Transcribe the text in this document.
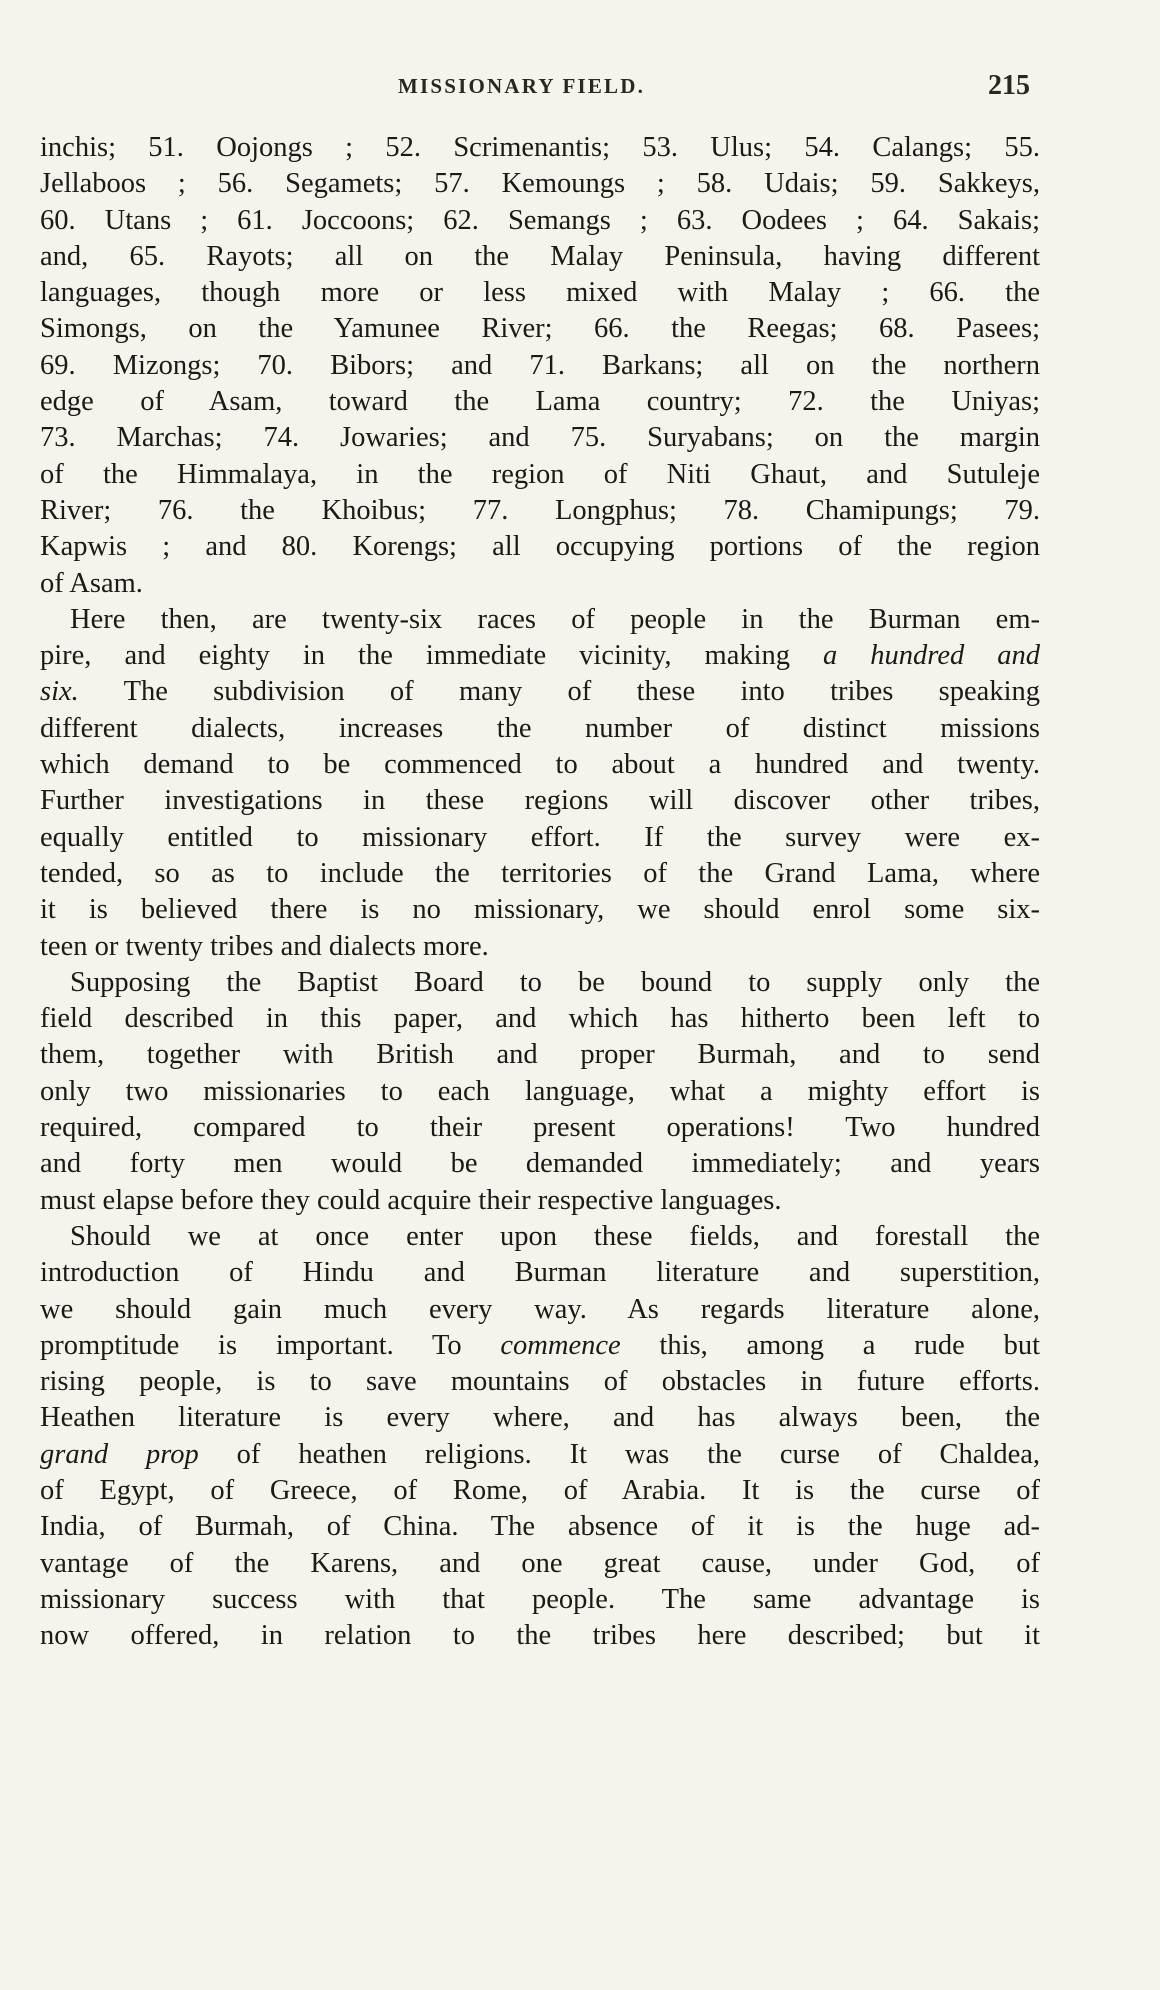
MISSIONARY FIELD.	215
inchis; 51. Oojongs ; 52. Scrimenantis; 53. Ulus; 54. Calangs; 55.
Jellaboos ; 56. Segamets; 57. Kemoungs ; 58. Udais; 59. Sakkeys,
60. Utans ; 61. Joccoons; 62. Semangs ; 63. Oodees ; 64. Sakais;
and, 65. Rayots; all on the Malay Peninsula, having different
languages, though more or less mixed with Malay ; 66. the
Simongs, on the Yamunee River; 66. the Reegas; 68. Pasees;
69. Mizongs; 70. Bibors; and 71. Barkans; all on the northern
edge of Asam, toward the Lama country; 72. the Uniyas;
73. Marchas; 74. Jowaries; and 75. Suryabans; on the margin
of the Himmalaya, in the region of Niti Ghaut, and Sutuleje
River; 76. the Khoibus; 77. Longphus; 78. Chamipungs; 79.
Kapwis ; and 80. Korengs; all occupying portions of the region
of Asam.
Here then, are twenty-six races of people in the Burman em-
pire, and eighty in the immediate vicinity, making a hundred and
six. The subdivision of many of these into tribes speaking
different dialects, increases the number of distinct missions
which demand to be commenced to about a hundred and twenty.
Further investigations in these regions will discover other tribes,
equally entitled to missionary effort. If the survey were ex-
tended, so as to include the territories of the Grand Lama, where
it is believed there is no missionary, we should enrol some six-
teen or twenty tribes and dialects more.
Supposing the Baptist Board to be bound to supply only the
field described in this paper, and which has hitherto been left to
them, together with British and proper Burmah, and to send
only two missionaries to each language, what a mighty effort is
required, compared to their present operations! Two hundred
and forty men would be demanded immediately; and years
must elapse before they could acquire their respective languages.
Should we at once enter upon these fields, and forestall the
introduction of Hindu and Burman literature and superstition,
we should gain much every way. As regards literature alone,
promptitude is important. To commence this, among a rude but
rising people, is to save mountains of obstacles in future efforts.
Heathen literature is every where, and has always been, the
grand prop of heathen religions. It was the curse of Chaldea,
of Egypt, of Greece, of Rome, of Arabia. It is the curse of
India, of Burmah, of China. The absence of it is the huge ad-
vantage of the Karens, and one great cause, under God, of
missionary success with that people. The same advantage is
now offered, in relation to the tribes here described; but it
